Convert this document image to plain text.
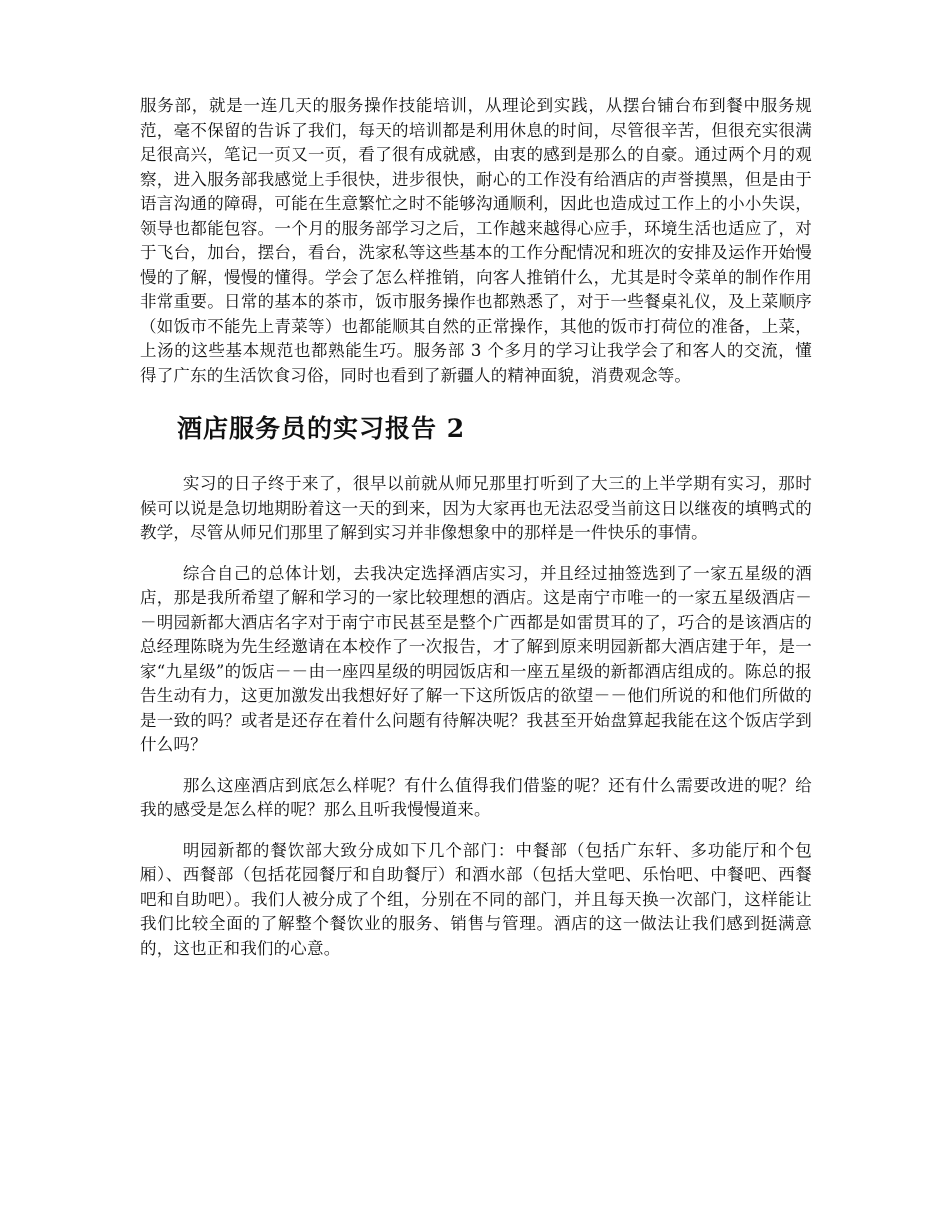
服务部，就是一连几天的服务操作技能培训，从理论到实践，从摆台铺台布到餐中服务规范，毫不保留的告诉了我们，每天的培训都是利用休息的时间，尽管很辛苦，但很充实很满足很高兴，笔记一页又一页，看了很有成就感，由衷的感到是那么的自豪。通过两个月的观察，进入服务部我感觉上手很快，进步很快，耐心的工作没有给酒店的声誉摸黑，但是由于语言沟通的障碍，可能在生意繁忙之时不能够沟通顺利，因此也造成过工作上的小小失误，领导也都能包容。一个月的服务部学习之后，工作越来越得心应手，环境生活也适应了，对于飞台，加台，摆台，看台，洗家私等这些基本的工作分配情况和班次的安排及运作开始慢慢的了解，慢慢的懂得。学会了怎么样推销，向客人推销什么，尤其是时令菜单的制作作用非常重要。日常的基本的茶市，饭市服务操作也都熟悉了，对于一些餐桌礼仪，及上菜顺序（如饭市不能先上青菜等）也都能顺其自然的正常操作，其他的饭市打荷位的准备，上菜，上汤的这些基本规范也都熟能生巧。服务部 3 个多月的学习让我学会了和客人的交流，懂得了广东的生活饮食习俗，同时也看到了新疆人的精神面貌，消费观念等。

酒店服务员的实习报告 2

实习的日子终于来了，很早以前就从师兄那里打听到了大三的上半学期有实习，那时候可以说是急切地期盼着这一天的到来，因为大家再也无法忍受当前这日以继夜的填鸭式的教学，尽管从师兄们那里了解到实习并非像想象中的那样是一件快乐的事情。

综合自己的总体计划，去我决定选择酒店实习，并且经过抽签选到了一家五星级的酒店，那是我所希望了解和学习的一家比较理想的酒店。这是南宁市唯一的一家五星级酒店－－明园新都大酒店名字对于南宁市民甚至是整个广西都是如雷贯耳的了，巧合的是该酒店的总经理陈晓为先生经邀请在本校作了一次报告，才了解到原来明园新都大酒店建于年，是一家“九星级”的饭店－－由一座四星级的明园饭店和一座五星级的新都酒店组成的。陈总的报告生动有力，这更加激发出我想好好了解一下这所饭店的欲望－－他们所说的和他们所做的是一致的吗？或者是还存在着什么问题有待解决呢？我甚至开始盘算起我能在这个饭店学到什么吗？

那么这座酒店到底怎么样呢？有什么值得我们借鉴的呢？还有什么需要改进的呢？给我的感受是怎么样的呢？那么且听我慢慢道来。

明园新都的餐饮部大致分成如下几个部门：中餐部（包括广东轩、多功能厅和个包厢）、西餐部（包括花园餐厅和自助餐厅）和酒水部（包括大堂吧、乐怡吧、中餐吧、西餐吧和自助吧）。我们人被分成了个组，分别在不同的部门，并且每天换一次部门，这样能让我们比较全面的了解整个餐饮业的服务、销售与管理。酒店的这一做法让我们感到挺满意的，这也正和我们的心意。
